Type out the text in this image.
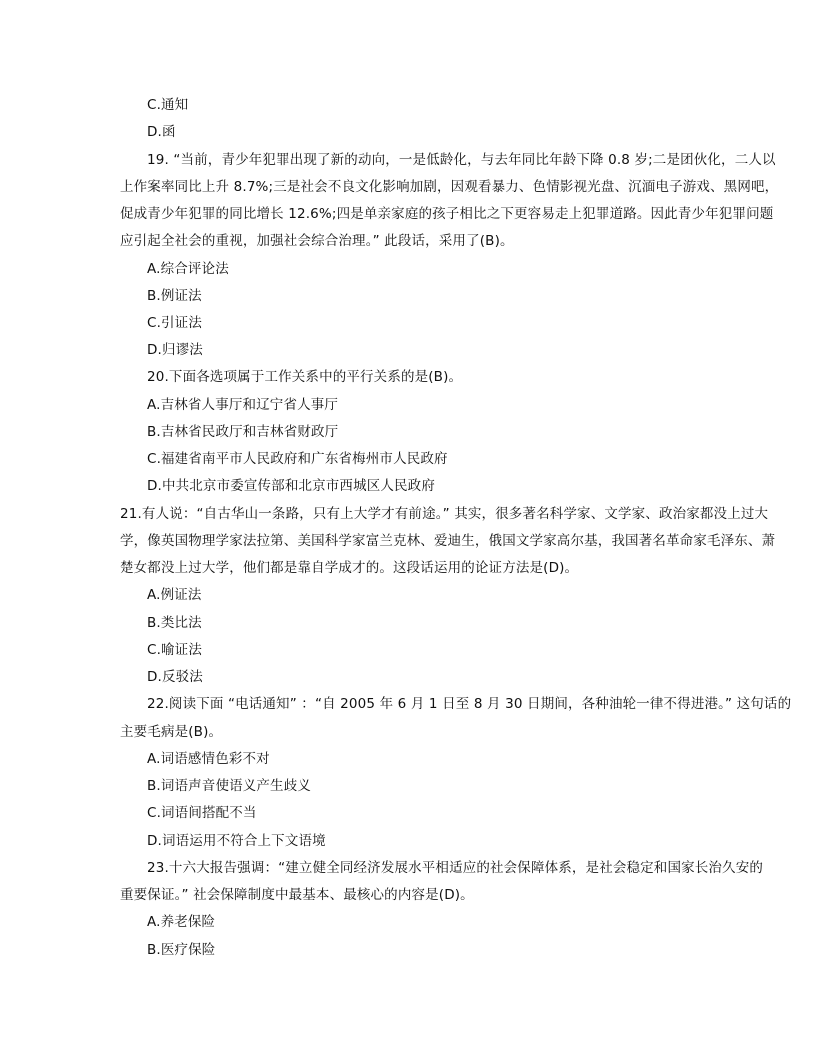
C.通知
D.函
19. “当前，青少年犯罪出现了新的动向，一是低龄化，与去年同比年龄下降 0.8 岁;二是团伙化，二人以
上作案率同比上升 8.7%;三是社会不良文化影响加剧，因观看暴力、色情影视光盘、沉湎电子游戏、黑网吧，
促成青少年犯罪的同比增长 12.6%;四是单亲家庭的孩子相比之下更容易走上犯罪道路。因此青少年犯罪问题
应引起全社会的重视，加强社会综合治理。” 此段话，采用了(B)。
A.综合评论法
B.例证法
C.引证法
D.归谬法
20.下面各选项属于工作关系中的平行关系的是(B)。
A.吉林省人事厅和辽宁省人事厅
B.吉林省民政厅和吉林省财政厅
C.福建省南平市人民政府和广东省梅州市人民政府
D.中共北京市委宣传部和北京市西城区人民政府
21.有人说：“自古华山一条路，只有上大学才有前途。” 其实，很多著名科学家、文学家、政治家都没上过大
学，像英国物理学家法拉第、美国科学家富兰克林、爱迪生，俄国文学家高尔基，我国著名革命家毛泽东、萧
楚女都没上过大学，他们都是靠自学成才的。这段话运用的论证方法是(D)。
A.例证法
B.类比法
C.喻证法
D.反驳法
22.阅读下面 “电话通知” ：“自 2005 年 6 月 1 日至 8 月 30 日期间，各种油轮一律不得进港。” 这句话的
主要毛病是(B)。
A.词语感情色彩不对
B.词语声音使语义产生歧义
C.词语间搭配不当
D.词语运用不符合上下文语境
23.十六大报告强调：“建立健全同经济发展水平相适应的社会保障体系，是社会稳定和国家长治久安的
重要保证。” 社会保障制度中最基本、最核心的内容是(D)。
A.养老保险
B.医疗保险
